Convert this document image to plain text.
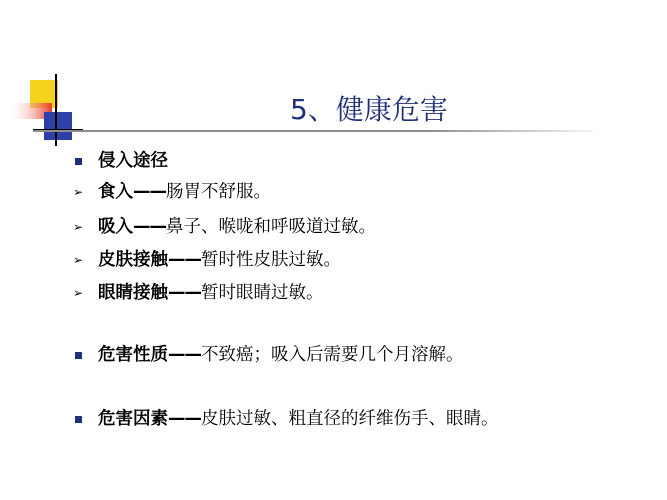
5、健康危害
侵入途径
➢ 食入 —— 肠胃不舒服。
➢ 吸入 —— 鼻子、喉咙和呼吸道过敏。
➢ 皮肤接触 —— 暂时性皮肤过敏。
➢ 眼睛接触 —— 暂时眼睛过敏。
危害性质 —— 不致癌；吸入后需要几个月溶解。
危害因素 —— 皮肤过敏、粗直径的纤维伤手、眼睛。
